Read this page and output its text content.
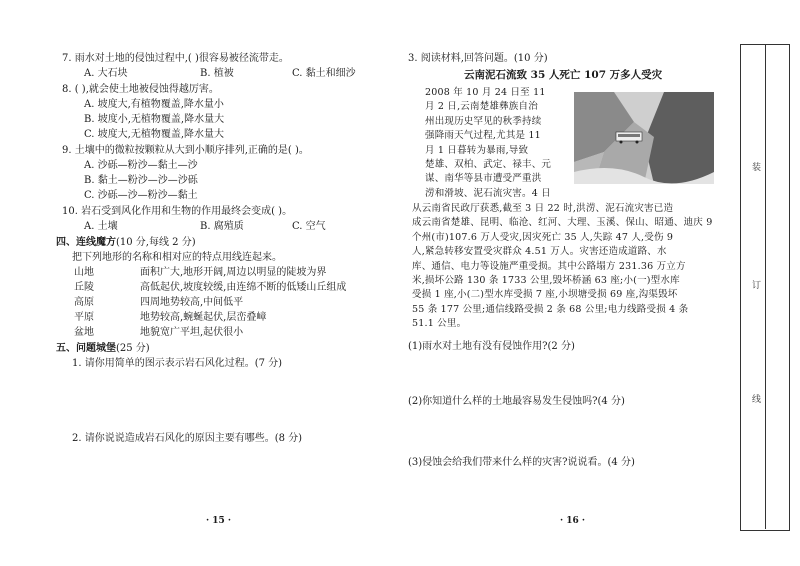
7. 雨水对土地的侵蚀过程中,( )很容易被径流带走。
A. 大石块	B. 植被	C. 黏土和细沙
8. ( ),就会使土地被侵蚀得越厉害。
A. 坡度大,有植物覆盖,降水量小
B. 坡度小,无植物覆盖,降水量大
C. 坡度大,无植物覆盖,降水量大
9. 土壤中的微粒按颗粒从大到小顺序排列,正确的是( )。
A. 沙砾—粉沙—黏土—沙
B. 黏土—粉沙—沙—沙砾
C. 沙砾—沙—粉沙—黏土
10. 岩石受到风化作用和生物的作用最终会变成( )。
A. 土壤	B. 腐殖质	C. 空气
四、连线魔方(10 分,每线 2 分)
把下列地形的名称和相对应的特点用线连起来。
山地	面积广大,地形开阔,周边以明显的陡坡为界
丘陵	高低起伏,坡度较缓,由连绵不断的低矮山丘组成
高原	四周地势较高,中间低平
平原	地势较高,蜿蜒起伏,层峦叠嶂
盆地	地貌宽广平坦,起伏很小
五、问题城堡(25 分)
1. 请你用简单的图示表示岩石风化过程。(7 分)
2. 请你说说造成岩石风化的原因主要有哪些。(8 分)
· 15 ·
3. 阅读材料,回答问题。(10 分)
云南泥石流致 35 人死亡 107 万多人受灾
2008 年 10 月 24 日至 11
月 2 日,云南楚雄彝族自治
州出现历史罕见的秋季持续
强降雨天气过程,尤其是 11
月 1 日暮转为暴雨,导致
楚雄、双柏、武定、禄丰、元
谋、南华等县市遭受严重洪
涝和滑坡、泥石流灾害。4 日
从云南省民政厅获悉,截至 3 日 22 时,洪涝、泥石流灾害已造
成云南省楚雄、昆明、临沧、红河、大理、玉溪、保山、昭通、迪庆 9
个州(市)107.6 万人受灾,因灾死亡 35 人,失踪 47 人,受伤 9
人,紧急转移安置受灾群众 4.51 万人。灾害还造成道路、水
库、通信、电力等设施严重受损。其中公路塌方 231.36 万立方
米,损坏公路 130 条 1733 公里,毁坏桥涵 63 座;小(一)型水库
受损 1 座,小(二)型水库受损 7 座,小坝塘受损 69 座,沟渠毁坏
55 条 177 公里;通信线路受损 2 条 68 公里;电力线路受损 4 条
51.1 公里。
(1)雨水对土地有没有侵蚀作用?(2 分)
(2)你知道什么样的土地最容易发生侵蚀吗?(4 分)
(3)侵蚀会给我们带来什么样的灾害?说说看。(4 分)
· 16 ·
装
订
线
